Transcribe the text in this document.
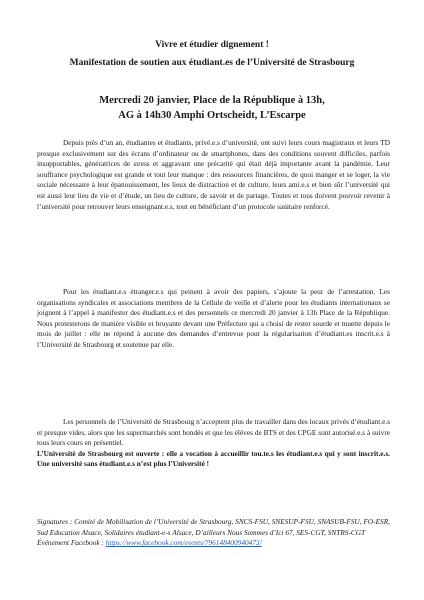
Vivre et étudier dignement !
Manifestation de soutien aux étudiant.es de l’Université de Strasbourg
Mercredi 20 janvier, Place de la République à 13h,
AG à 14h30 Amphi Ortscheidt, L’Escarpe

Depuis près d’un an, étudiantes et étudiants, privé.e.s d’université, ont suivi leurs cours magistraux et leurs TD presque exclusivement sur des écrans d’ordinateur ou de smartphones, dans des conditions souvent difficiles, parfois insupportables, génératrices de stress et aggravant une précarité qui était déjà importante avant la pandémie. Leur souffrance psychologique est grande et tout leur manque : des ressources financières, de quoi manger et se loger, la vie sociale nécessaire à leur épanouissement, les lieux de distraction et de culture, leurs ami.e.s et bien sûr l’université qui est aussi leur lieu de vie et d’étude, un lieu de culture, de savoir et de partage. Toutes et tous doivent pouvoir revenir à l’université pour retrouver leurs enseignant.e.s, tout en bénéficiant d’un protocole sanitaire renforcé.

Pour les étudiant.e.s étranger.e.s qui peinent à avoir des papiers, s’ajoute la peur de l’arrestation. Les organisations syndicales et associations membres de la Cellule de veille et d’alerte pour les étudiants internationaux se joignent à l’appel à manifester des étudiant.e.s et des personnels ce mercredi 20 janvier à 13h Place de la République. Nous protesterons de manière visible et bruyante devant une Préfecture qui a choisi de rester sourde et muette depuis le mois de juillet : elle ne répond à aucune des demandes d’entrevue pour la régularisation d’étudiant.es inscrit.e.s à l’Université de Strasbourg et soutenue par elle.

Les personnels de l’Université de Strasbourg n’acceptent plus de travailler dans des locaux privés d’étudiant.e.s et presque vides, alors que les supermarchés sont bondés et que les élèves de BTS et des CPGE sont autorisé.e.s à suivre tous leurs cours en présentiel.

L’Université de Strasbourg est ouverte : elle a vocation à accueillir tou.te.s les étudiant.e.s qui y sont inscrit.e.s. Une université sans étudiant.e.s n’est plus l’Université !

Signatures : Comité de Mobilisation de l’Université de Strasbourg, SNCS-FSU, SNESUP-FSU, SNASUB-FSU, FO-ESR, Sud Education Alsace, Solidaires étudiant-e-s Alsace, D’ailleurs Nous Sommes d’Ici 67, SES-CGT, SNTRS-CGT
Événement Facebook : https://www.facebook.com/events/796148400940473/
